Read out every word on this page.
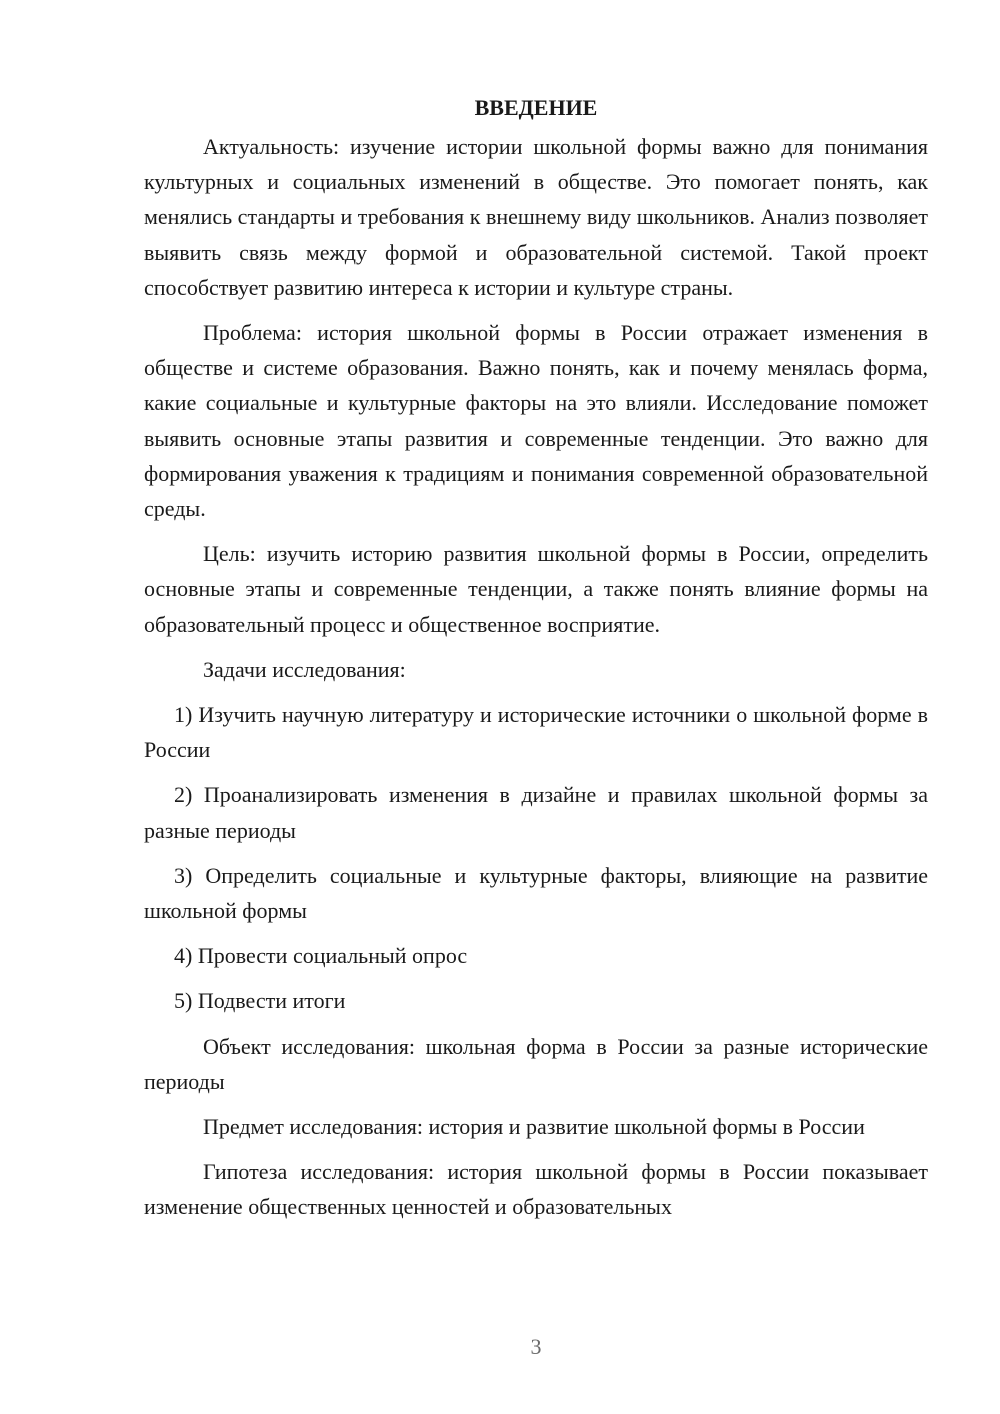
ВВЕДЕНИЕ

Актуальность: изучение истории школьной формы важно для понимания культурных и социальных изменений в обществе. Это помогает понять, как менялись стандарты и требования к внешнему виду школьников. Анализ позволяет выявить связь между формой и образовательной системой. Такой проект способствует развитию интереса к истории и культуре страны.

Проблема: история школьной формы в России отражает изменения в обществе и системе образования. Важно понять, как и почему менялась форма, какие социальные и культурные факторы на это влияли. Исследование поможет выявить основные этапы развития и современные тенденции. Это важно для формирования уважения к традициям и понимания современной образовательной среды.

Цель: изучить историю развития школьной формы в России, определить основные этапы и современные тенденции, а также понять влияние формы на образовательный процесс и общественное восприятие.

Задачи исследования:

1) Изучить научную литературу и исторические источники о школьной форме в России

2) Проанализировать изменения в дизайне и правилах школьной формы за разные периоды

3) Определить социальные и культурные факторы, влияющие на развитие школьной формы

4) Провести социальный опрос

5) Подвести итоги

Объект исследования: школьная форма в России за разные исторические периоды

Предмет исследования: история и развитие школьной формы в России

Гипотеза исследования: история школьной формы в России показывает изменение общественных ценностей и образовательных

3
